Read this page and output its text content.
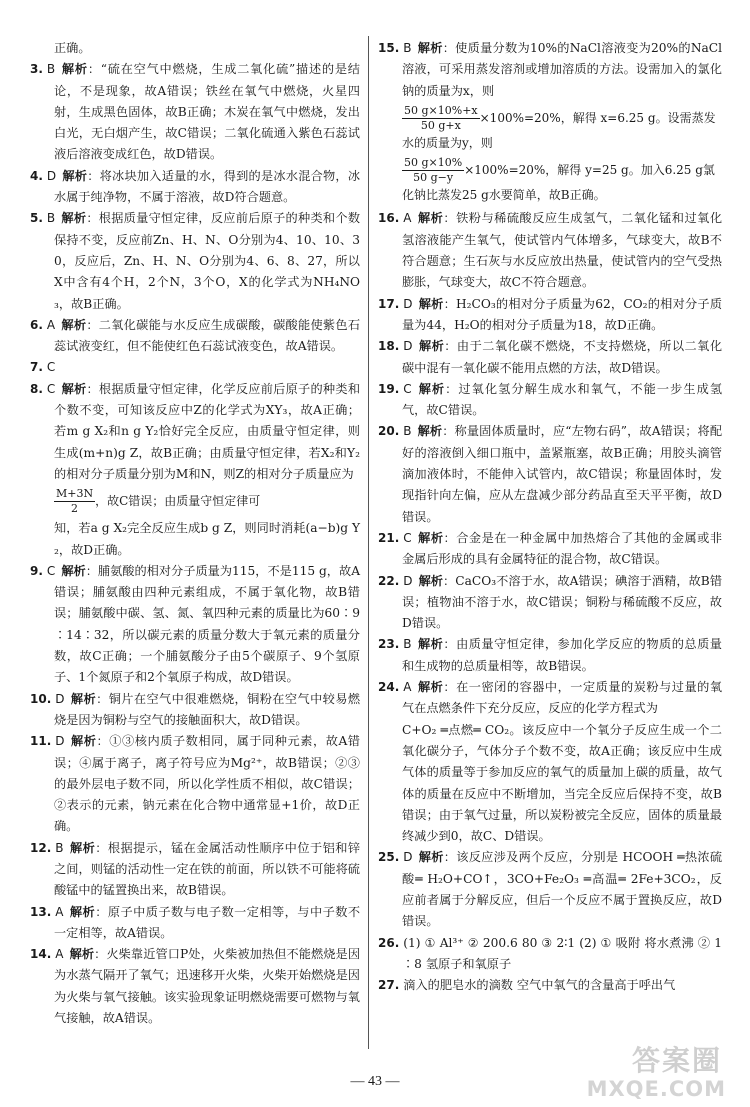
正确。

3. B 解析：“硫在空气中燃烧，生成二氧化硫”描述的是结论，不是现象，故A错误；铁丝在氧气中燃烧，火星四射，生成黑色固体，故B正确；木炭在氧气中燃烧，发出白光，无白烟产生，故C错误；二氧化硫通入紫色石蕊试液后溶液变成红色，故D错误。

4. D 解析：将冰块加入适量的水，得到的是冰水混合物，冰水属于纯净物，不属于溶液，故D符合题意。

5. B 解析：根据质量守恒定律，反应前后原子的种类和个数保持不变，反应前Zn、H、N、O分别为4、10、10、30，反应后，Zn、H、N、O分别为4、6、8、27，所以X中含有4个H，2个N，3个O，X的化学式为NH₄NO₃，故B正确。

6. A 解析：二氧化碳能与水反应生成碳酸，碳酸能使紫色石蕊试液变红，但不能使红色石蕊试液变色，故A错误。

7. C

8. C 解析：根据质量守恒定律，化学反应前后原子的种类和个数不变，可知该反应中Z的化学式为XY₃，故A正确；若m g X₂和n g Y₂恰好完全反应，由质量守恒定律，则生成(m+n)g Z，故B正确；由质量守恒定律，若X₂和Y₂的相对分子质量分别为M和N，则Z的相对分子质量应为

$\frac{M+3N}{2}$ ，故C错误；由质量守恒定律可

知，若a g X₂完全反应生成b g Z，则同时消耗(a−b)g Y₂，故D正确。

9. C 解析：脯氨酸的相对分子质量为115，不是115 g，故A错误；脯氨酸由四种元素组成，不属于氧化物，故B错误；脯氨酸中碳、氢、氮、氧四种元素的质量比为60∶9∶14∶32，所以碳元素的质量分数大于氧元素的质量分数，故C正确；一个脯氨酸分子由5个碳原子、9个氢原子、1个氮原子和2个氧原子构成，故D错误。

10. D 解析：铜片在空气中很难燃烧，铜粉在空气中较易燃烧是因为铜粉与空气的接触面积大，故D错误。

11. D 解析：①③核内质子数相同，属于同种元素，故A错误；④属于离子，离子符号应为Mg²⁺，故B错误；②③的最外层电子数不同，所以化学性质不相似，故C错误；②表示的元素，钠元素在化合物中通常显+1价，故D正确。

12. B 解析：根据提示，锰在金属活动性顺序中位于铝和锌之间，则锰的活动性一定在铁的前面，所以铁不可能将硫酸锰中的锰置换出来，故B错误。

13. A 解析：原子中质子数与电子数一定相等，与中子数不一定相等，故A错误。

14. A 解析：火柴靠近管口P处，火柴被加热但不能燃烧是因为水蒸气隔开了氧气；迅速移开火柴，火柴开始燃烧是因为火柴与氧气接触。该实验现象证明燃烧需要可燃物与氧气接触，故A错误。

15. B 解析：使质量分数为10%的NaCl溶液变为20%的NaCl溶液，可采用蒸发溶剂或增加溶质的方法。设需加入的氯化钠的质量为x，则

$\frac{50 g\times 10\%+x}{50 g+x} \times 100\%=20\%$，解得 x=6.25 g。设需蒸发水的质量为y，则

$\frac{50 g\times 10\%}{50 g-y} \times 100\%=20\%$，解得 y=25 g。加入6.25 g氯化钠比蒸发25 g水要简单，故B正确。

16. A 解析：铁粉与稀硫酸反应生成氢气，二氧化锰和过氧化氢溶液能产生氧气，使试管内气体增多，气球变大，故B不符合题意；生石灰与水反应放出热量，使试管内的空气受热膨胀，气球变大，故C不符合题意。

17. D 解析：H₂CO₃的相对分子质量为62，CO₂的相对分子质量为44，H₂O的相对分子质量为18，故D正确。

18. D 解析：由于二氧化碳不燃烧，不支持燃烧，所以二氧化碳中混有一氧化碳不能用点燃的方法，故D错误。

19. C 解析：过氧化氢分解生成水和氧气，不能一步生成氢气，故C错误。

20. B 解析：称量固体质量时，应“左物右码”，故A错误；将配好的溶液倒入细口瓶中，盖紧瓶塞，故B正确；用胶头滴管滴加液体时，不能伸入试管内，故C错误；称量固体时，发现指针向左偏，应从左盘减少部分药品直至天平平衡，故D错误。

21. C 解析：合金是在一种金属中加热熔合了其他的金属或非金属后形成的具有金属特征的混合物，故C错误。

22. D 解析：CaCO₃不溶于水，故A错误；碘溶于酒精，故B错误；植物油不溶于水，故C错误；铜粉与稀硫酸不反应，故D错误。

23. B 解析：由质量守恒定律，参加化学反应的物质的总质量和生成物的总质量相等，故B错误。

24. A 解析：在一密闭的容器中，一定质量的炭粉与过量的氧气在点燃条件下充分反应，反应的化学方程式为

C+O₂ ═点燃═ CO₂。该反应中一个氧分子反应生成一个二氧化碳分子，气体分子个数不变，故A正确；该反应中生成气体的质量等于参加反应的氧气的质量加上碳的质量，故气体的质量在反应中不断增加，当完全反应后保持不变，故B错误；由于氧气过量，所以炭粉被完全反应，固体的质量最终减少到0，故C、D错误。

25. D 解析：该反应涉及两个反应，分别是 HCOOH ═热浓硫酸═ H₂O+CO↑，3CO+Fe₂O₃ ═高温═ 2Fe+3CO₂，反应前者属于分解反应，但后一个反应不属于置换反应，故D错误。

26. (1) ① Al³⁺ ② 200.6 80 ③ 2∶1 (2) ① 吸附 将水煮沸 ② 1∶8 氢原子和氧原子

27. 滴入的肥皂水的滴数 空气中氧气的含量高于呼出气

— 43 —
答案圈
MXQE.COM
